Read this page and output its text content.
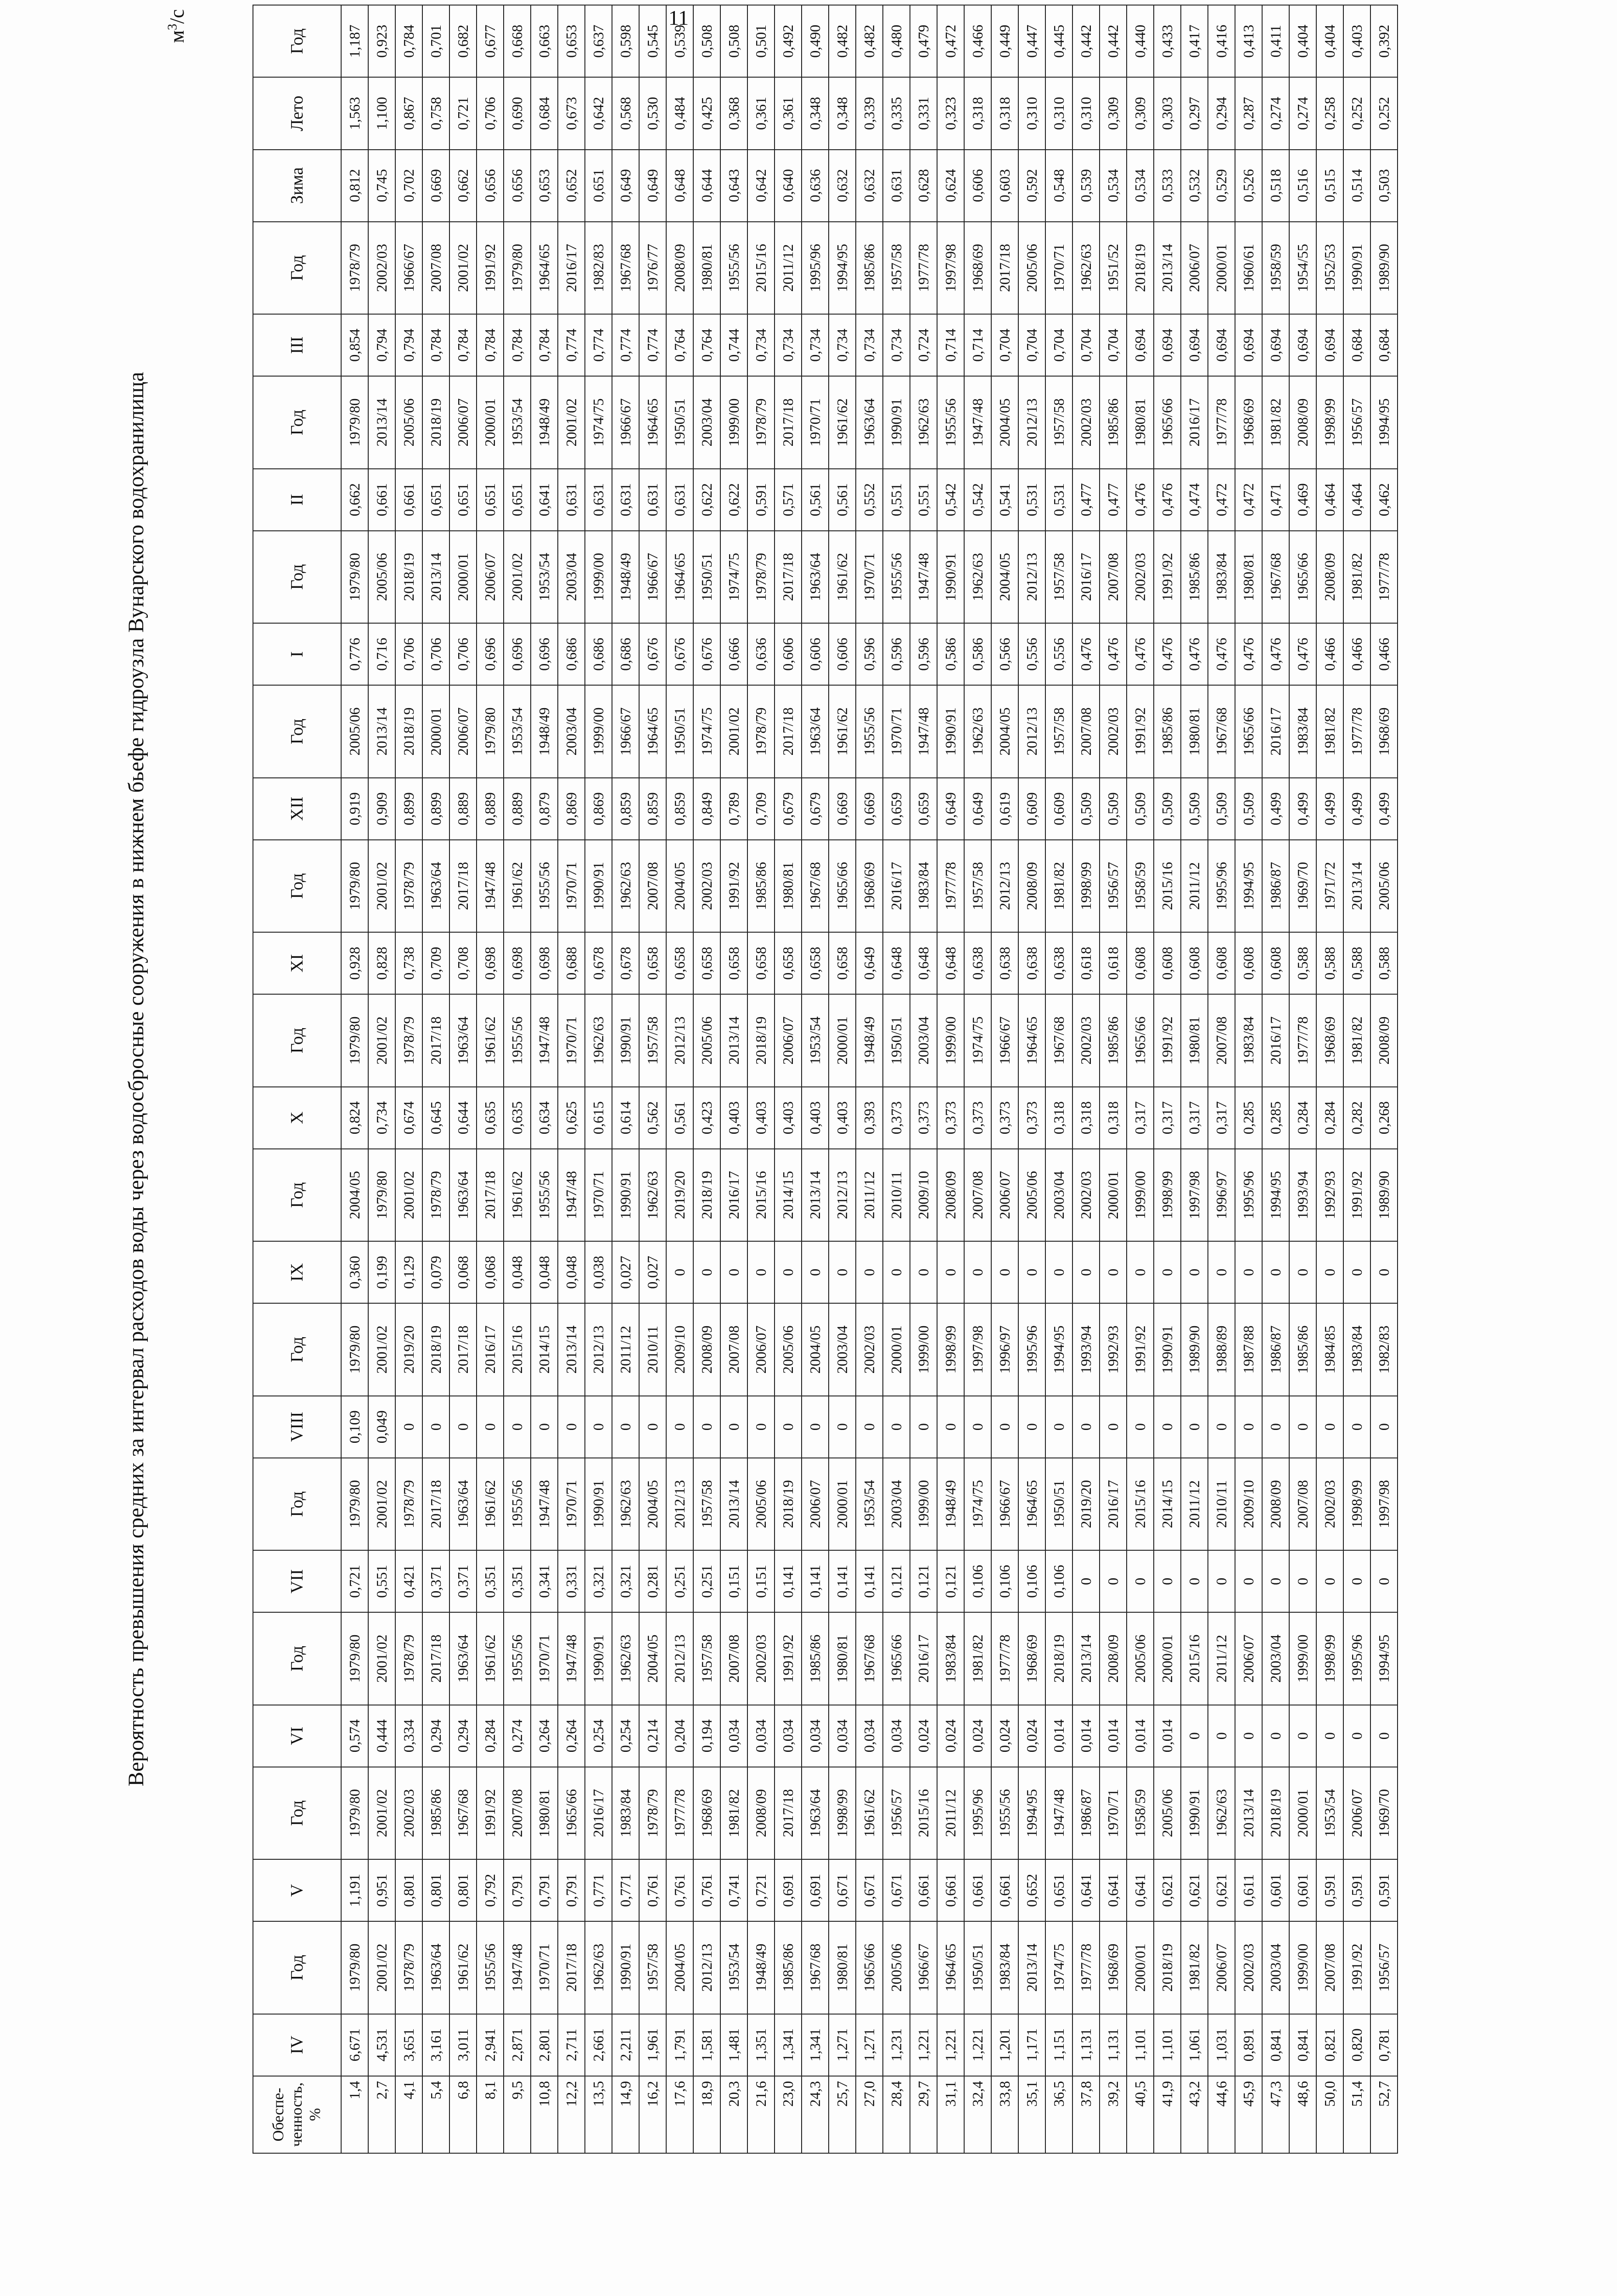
11
Вероятность превышения средних за интервал расходов воды через водосбросные сооружения в нижнем бьефе гидроузла Вунарского водохранилища
$м^3/с$
Обеспе-ченность, %	IV	Год	V	Год	VI	Год	VII	Год	VIII	Год	IX	Год	X	Год	XI	Год	XII	Год	I	Год	II	Год	III	Год	Зима	Лето	Год
1,4	6,671	1979/80	1,191	1979/80	0,574	1979/80	0,721	1979/80	0,109	1979/80	0,360	2004/05	0,824	1979/80	0,928	1979/80	0,919	2005/06	0,776	1979/80	0,662	1979/80	0,854	1978/79	0,812	1,563	1,187
2,7	4,531	2001/02	0,951	2001/02	0,444	2001/02	0,551	2001/02	0,049	2001/02	0,199	1979/80	0,734	2001/02	0,828	2001/02	0,909	2013/14	0,716	2005/06	0,661	2013/14	0,794	2002/03	0,745	1,100	0,923
4,1	3,651	1978/79	0,801	2002/03	0,334	1978/79	0,421	1978/79	0	2019/20	0,129	2001/02	0,674	1978/79	0,738	1978/79	0,899	2018/19	0,706	2018/19	0,661	2005/06	0,794	1966/67	0,702	0,867	0,784
5,4	3,161	1963/64	0,801	1985/86	0,294	2017/18	0,371	2017/18	0	2018/19	0,079	1978/79	0,645	2017/18	0,709	1963/64	0,899	2000/01	0,706	2013/14	0,651	2018/19	0,784	2007/08	0,669	0,758	0,701
6,8	3,011	1961/62	0,801	1967/68	0,294	1963/64	0,371	1963/64	0	2017/18	0,068	1963/64	0,644	1963/64	0,708	2017/18	0,889	2006/07	0,706	2000/01	0,651	2006/07	0,784	2001/02	0,662	0,721	0,682
8,1	2,941	1955/56	0,792	1991/92	0,284	1961/62	0,351	1961/62	0	2016/17	0,068	2017/18	0,635	1961/62	0,698	1947/48	0,889	1979/80	0,696	2006/07	0,651	2000/01	0,784	1991/92	0,656	0,706	0,677
9,5	2,871	1947/48	0,791	2007/08	0,274	1955/56	0,351	1955/56	0	2015/16	0,048	1961/62	0,635	1955/56	0,698	1961/62	0,889	1953/54	0,696	2001/02	0,651	1953/54	0,784	1979/80	0,656	0,690	0,668
10,8	2,801	1970/71	0,791	1980/81	0,264	1970/71	0,341	1947/48	0	2014/15	0,048	1955/56	0,634	1947/48	0,698	1955/56	0,879	1948/49	0,696	1953/54	0,641	1948/49	0,784	1964/65	0,653	0,684	0,663
12,2	2,711	2017/18	0,791	1965/66	0,264	1947/48	0,331	1970/71	0	2013/14	0,048	1947/48	0,625	1970/71	0,688	1970/71	0,869	2003/04	0,686	2003/04	0,631	2001/02	0,774	2016/17	0,652	0,673	0,653
13,5	2,661	1962/63	0,771	2016/17	0,254	1990/91	0,321	1990/91	0	2012/13	0,038	1970/71	0,615	1962/63	0,678	1990/91	0,869	1999/00	0,686	1999/00	0,631	1974/75	0,774	1982/83	0,651	0,642	0,637
14,9	2,211	1990/91	0,771	1983/84	0,254	1962/63	0,321	1962/63	0	2011/12	0,027	1990/91	0,614	1990/91	0,678	1962/63	0,859	1966/67	0,686	1948/49	0,631	1966/67	0,774	1967/68	0,649	0,568	0,598
16,2	1,961	1957/58	0,761	1978/79	0,214	2004/05	0,281	2004/05	0	2010/11	0,027	1962/63	0,562	1957/58	0,658	2007/08	0,859	1964/65	0,676	1966/67	0,631	1964/65	0,774	1976/77	0,649	0,530	0,545
17,6	1,791	2004/05	0,761	1977/78	0,204	2012/13	0,251	2012/13	0	2009/10	0	2019/20	0,561	2012/13	0,658	2004/05	0,859	1950/51	0,676	1964/65	0,631	1950/51	0,764	2008/09	0,648	0,484	0,539
18,9	1,581	2012/13	0,761	1968/69	0,194	1957/58	0,251	1957/58	0	2008/09	0	2018/19	0,423	2005/06	0,658	2002/03	0,849	1974/75	0,676	1950/51	0,622	2003/04	0,764	1980/81	0,644	0,425	0,508
20,3	1,481	1953/54	0,741	1981/82	0,034	2007/08	0,151	2013/14	0	2007/08	0	2016/17	0,403	2013/14	0,658	1991/92	0,789	2001/02	0,666	1974/75	0,622	1999/00	0,744	1955/56	0,643	0,368	0,508
21,6	1,351	1948/49	0,721	2008/09	0,034	2002/03	0,151	2005/06	0	2006/07	0	2015/16	0,403	2018/19	0,658	1985/86	0,709	1978/79	0,636	1978/79	0,591	1978/79	0,734	2015/16	0,642	0,361	0,501
23,0	1,341	1985/86	0,691	2017/18	0,034	1991/92	0,141	2018/19	0	2005/06	0	2014/15	0,403	2006/07	0,658	1980/81	0,679	2017/18	0,606	2017/18	0,571	2017/18	0,734	2011/12	0,640	0,361	0,492
24,3	1,341	1967/68	0,691	1963/64	0,034	1985/86	0,141	2006/07	0	2004/05	0	2013/14	0,403	1953/54	0,658	1967/68	0,679	1963/64	0,606	1963/64	0,561	1970/71	0,734	1995/96	0,636	0,348	0,490
25,7	1,271	1980/81	0,671	1998/99	0,034	1980/81	0,141	2000/01	0	2003/04	0	2012/13	0,403	2000/01	0,658	1965/66	0,669	1961/62	0,606	1961/62	0,561	1961/62	0,734	1994/95	0,632	0,348	0,482
27,0	1,271	1965/66	0,671	1961/62	0,034	1967/68	0,141	1953/54	0	2002/03	0	2011/12	0,393	1948/49	0,649	1968/69	0,669	1955/56	0,596	1970/71	0,552	1963/64	0,734	1985/86	0,632	0,339	0,482
28,4	1,231	2005/06	0,671	1956/57	0,034	1965/66	0,121	2003/04	0	2000/01	0	2010/11	0,373	1950/51	0,648	2016/17	0,659	1970/71	0,596	1955/56	0,551	1990/91	0,734	1957/58	0,631	0,335	0,480
29,7	1,221	1966/67	0,661	2015/16	0,024	2016/17	0,121	1999/00	0	1999/00	0	2009/10	0,373	2003/04	0,648	1983/84	0,659	1947/48	0,596	1947/48	0,551	1962/63	0,724	1977/78	0,628	0,331	0,479
31,1	1,221	1964/65	0,661	2011/12	0,024	1983/84	0,121	1948/49	0	1998/99	0	2008/09	0,373	1999/00	0,648	1977/78	0,649	1990/91	0,586	1990/91	0,542	1955/56	0,714	1997/98	0,624	0,323	0,472
32,4	1,221	1950/51	0,661	1995/96	0,024	1981/82	0,106	1974/75	0	1997/98	0	2007/08	0,373	1974/75	0,638	1957/58	0,649	1962/63	0,586	1962/63	0,542	1947/48	0,714	1968/69	0,606	0,318	0,466
33,8	1,201	1983/84	0,661	1955/56	0,024	1977/78	0,106	1966/67	0	1996/97	0	2006/07	0,373	1966/67	0,638	2012/13	0,619	2004/05	0,566	2004/05	0,541	2004/05	0,704	2017/18	0,603	0,318	0,449
35,1	1,171	2013/14	0,652	1994/95	0,024	1968/69	0,106	1964/65	0	1995/96	0	2005/06	0,373	1964/65	0,638	2008/09	0,609	2012/13	0,556	2012/13	0,531	2012/13	0,704	2005/06	0,592	0,310	0,447
36,5	1,151	1974/75	0,651	1947/48	0,014	2018/19	0,106	1950/51	0	1994/95	0	2003/04	0,318	1967/68	0,638	1981/82	0,609	1957/58	0,556	1957/58	0,531	1957/58	0,704	1970/71	0,548	0,310	0,445
37,8	1,131	1977/78	0,641	1986/87	0,014	2013/14	0	2019/20	0	1993/94	0	2002/03	0,318	2002/03	0,618	1998/99	0,509	2007/08	0,476	2016/17	0,477	2002/03	0,704	1962/63	0,539	0,310	0,442
39,2	1,131	1968/69	0,641	1970/71	0,014	2008/09	0	2016/17	0	1992/93	0	2000/01	0,318	1985/86	0,618	1956/57	0,509	2002/03	0,476	2007/08	0,477	1985/86	0,704	1951/52	0,534	0,309	0,442
40,5	1,101	2000/01	0,641	1958/59	0,014	2005/06	0	2015/16	0	1991/92	0	1999/00	0,317	1965/66	0,608	1958/59	0,509	1991/92	0,476	2002/03	0,476	1980/81	0,694	2018/19	0,534	0,309	0,440
41,9	1,101	2018/19	0,621	2005/06	0,014	2000/01	0	2014/15	0	1990/91	0	1998/99	0,317	1991/92	0,608	2015/16	0,509	1985/86	0,476	1991/92	0,476	1965/66	0,694	2013/14	0,533	0,303	0,433
43,2	1,061	1981/82	0,621	1990/91	0	2015/16	0	2011/12	0	1989/90	0	1997/98	0,317	1980/81	0,608	2011/12	0,509	1980/81	0,476	1985/86	0,474	2016/17	0,694	2006/07	0,532	0,297	0,417
44,6	1,031	2006/07	0,621	1962/63	0	2011/12	0	2010/11	0	1988/89	0	1996/97	0,317	2007/08	0,608	1995/96	0,509	1967/68	0,476	1983/84	0,472	1977/78	0,694	2000/01	0,529	0,294	0,416
45,9	0,891	2002/03	0,611	2013/14	0	2006/07	0	2009/10	0	1987/88	0	1995/96	0,285	1983/84	0,608	1994/95	0,509	1965/66	0,476	1980/81	0,472	1968/69	0,694	1960/61	0,526	0,287	0,413
47,3	0,841	2003/04	0,601	2018/19	0	2003/04	0	2008/09	0	1986/87	0	1994/95	0,285	2016/17	0,608	1986/87	0,499	2016/17	0,476	1967/68	0,471	1981/82	0,694	1958/59	0,518	0,274	0,411
48,6	0,841	1999/00	0,601	2000/01	0	1999/00	0	2007/08	0	1985/86	0	1993/94	0,284	1977/78	0,588	1969/70	0,499	1983/84	0,476	1965/66	0,469	2008/09	0,694	1954/55	0,516	0,274	0,404
50,0	0,821	2007/08	0,591	1953/54	0	1998/99	0	2002/03	0	1984/85	0	1992/93	0,284	1968/69	0,588	1971/72	0,499	1981/82	0,466	2008/09	0,464	1998/99	0,694	1952/53	0,515	0,258	0,404
51,4	0,820	1991/92	0,591	2006/07	0	1995/96	0	1998/99	0	1983/84	0	1991/92	0,282	1981/82	0,588	2013/14	0,499	1977/78	0,466	1981/82	0,464	1956/57	0,684	1990/91	0,514	0,252	0,403
52,7	0,781	1956/57	0,591	1969/70	0	1994/95	0	1997/98	0	1982/83	0	1989/90	0,268	2008/09	0,588	2005/06	0,499	1968/69	0,466	1977/78	0,462	1994/95	0,684	1989/90	0,503	0,252	0,392
